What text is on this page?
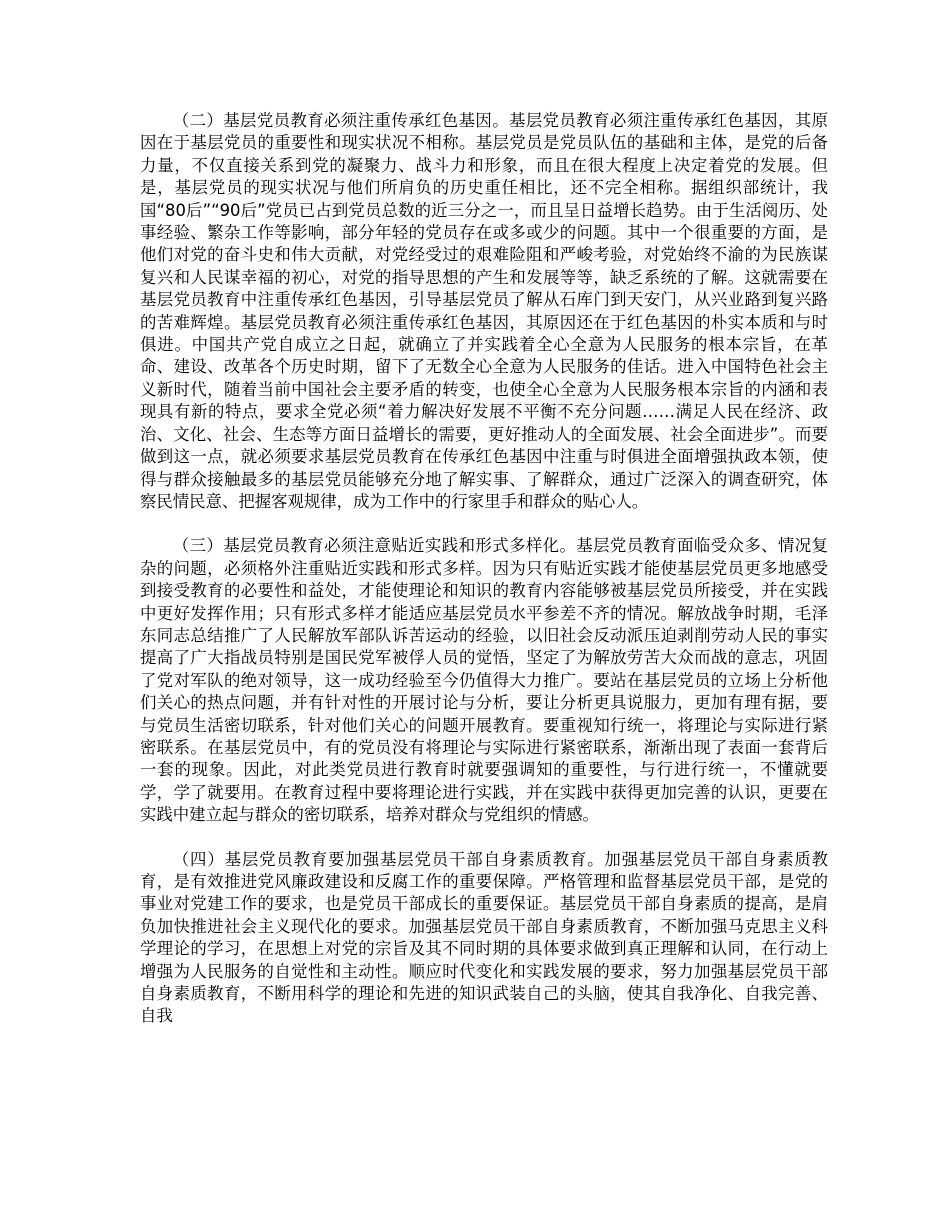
（二）基层党员教育必须注重传承红色基因。基层党员教育必须注重传承红色基因，其原因在于基层党员的重要性和现实状况不相称。基层党员是党员队伍的基础和主体，是党的后备力量，不仅直接关系到党的凝聚力、战斗力和形象，而且在很大程度上决定着党的发展。但是，基层党员的现实状况与他们所肩负的历史重任相比，还不完全相称。据组织部统计，我国“80后”“90后”党员已占到党员总数的近三分之一，而且呈日益增长趋势。由于生活阅历、处事经验、繁杂工作等影响，部分年轻的党员存在或多或少的问题。其中一个很重要的方面，是他们对党的奋斗史和伟大贡献，对党经受过的艰难险阻和严峻考验，对党始终不渝的为民族谋复兴和人民谋幸福的初心，对党的指导思想的产生和发展等等，缺乏系统的了解。这就需要在基层党员教育中注重传承红色基因，引导基层党员了解从石库门到天安门，从兴业路到复兴路的苦难辉煌。基层党员教育必须注重传承红色基因，其原因还在于红色基因的朴实本质和与时俱进。中国共产党自成立之日起，就确立了并实践着全心全意为人民服务的根本宗旨，在革命、建设、改革各个历史时期，留下了无数全心全意为人民服务的佳话。进入中国特色社会主义新时代，随着当前中国社会主要矛盾的转变，也使全心全意为人民服务根本宗旨的内涵和表现具有新的特点，要求全党必须“着力解决好发展不平衡不充分问题……满足人民在经济、政治、文化、社会、生态等方面日益增长的需要，更好推动人的全面发展、社会全面进步”。而要做到这一点，就必须要求基层党员教育在传承红色基因中注重与时俱进全面增强执政本领，使得与群众接触最多的基层党员能够充分地了解实事、了解群众，通过广泛深入的调查研究，体察民情民意、把握客观规律，成为工作中的行家里手和群众的贴心人。

（三）基层党员教育必须注意贴近实践和形式多样化。基层党员教育面临受众多、情况复杂的问题，必须格外注重贴近实践和形式多样。因为只有贴近实践才能使基层党员更多地感受到接受教育的必要性和益处，才能使理论和知识的教育内容能够被基层党员所接受，并在实践中更好发挥作用；只有形式多样才能适应基层党员水平参差不齐的情况。解放战争时期，毛泽东同志总结推广了人民解放军部队诉苦运动的经验，以旧社会反动派压迫剥削劳动人民的事实提高了广大指战员特别是国民党军被俘人员的觉悟，坚定了为解放劳苦大众而战的意志，巩固了党对军队的绝对领导，这一成功经验至今仍值得大力推广。要站在基层党员的立场上分析他们关心的热点问题，并有针对性的开展讨论与分析，要让分析更具说服力，更加有理有据，要与党员生活密切联系，针对他们关心的问题开展教育。要重视知行统一，将理论与实际进行紧密联系。在基层党员中，有的党员没有将理论与实际进行紧密联系，渐渐出现了表面一套背后一套的现象。因此，对此类党员进行教育时就要强调知的重要性，与行进行统一，不懂就要学，学了就要用。在教育过程中要将理论进行实践，并在实践中获得更加完善的认识，更要在实践中建立起与群众的密切联系，培养对群众与党组织的情感。

（四）基层党员教育要加强基层党员干部自身素质教育。加强基层党员干部自身素质教育，是有效推进党风廉政建设和反腐工作的重要保障。严格管理和监督基层党员干部，是党的事业对党建工作的要求，也是党员干部成长的重要保证。基层党员干部自身素质的提高，是肩负加快推进社会主义现代化的要求。加强基层党员干部自身素质教育，不断加强马克思主义科学理论的学习，在思想上对党的宗旨及其不同时期的具体要求做到真正理解和认同，在行动上增强为人民服务的自觉性和主动性。顺应时代变化和实践发展的要求，努力加强基层党员干部自身素质教育，不断用科学的理论和先进的知识武装自己的头脑，使其自我净化、自我完善、自我
